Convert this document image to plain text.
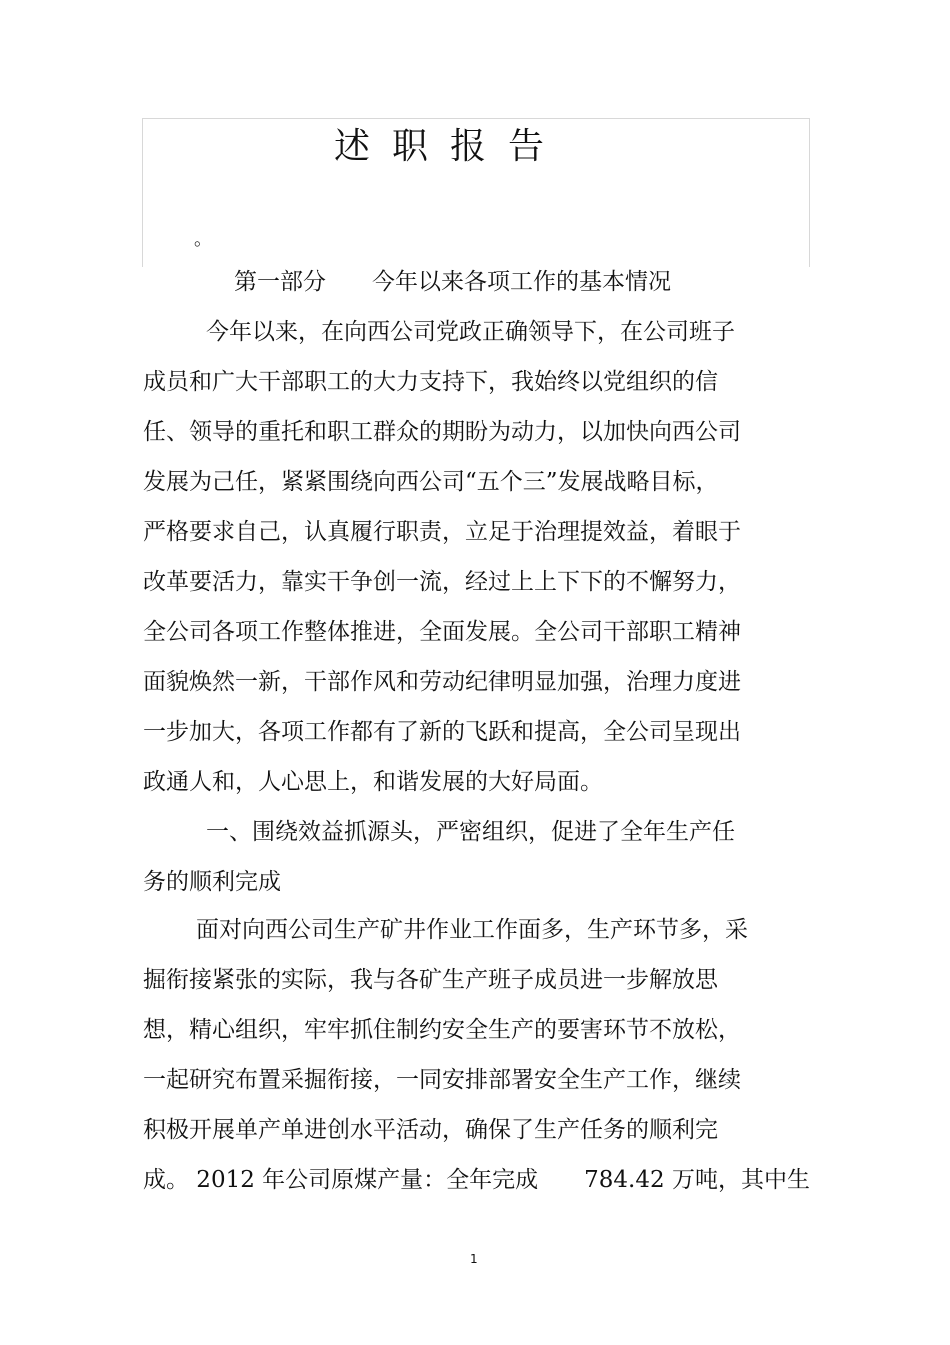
述职报告
。
第一部分　　今年以来各项工作的基本情况
今年以来，在向西公司党政正确领导下，在公司班子
成员和广大干部职工的大力支持下，我始终以党组织的信
任、领导的重托和职工群众的期盼为动力，以加快向西公司
发展为己任，紧紧围绕向西公司“五个三”发展战略目标，
严格要求自己，认真履行职责，立足于治理提效益，着眼于
改革要活力，靠实干争创一流，经过上上下下的不懈努力，
全公司各项工作整体推进，全面发展。全公司干部职工精神
面貌焕然一新，干部作风和劳动纪律明显加强，治理力度进
一步加大，各项工作都有了新的飞跃和提高，全公司呈现出
政通人和，人心思上，和谐发展的大好局面。
一、围绕效益抓源头，严密组织，促进了全年生产任
务的顺利完成
面对向西公司生产矿井作业工作面多，生产环节多，采
掘衔接紧张的实际，我与各矿生产班子成员进一步解放思
想，精心组织，牢牢抓住制约安全生产的要害环节不放松，
一起研究布置采掘衔接，一同安排部署安全生产工作，继续
积极开展单产单进创水平活动，确保了生产任务的顺利完
成。 2012 年公司原煤产量：全年完成　　784.42 万吨，其中生
1
